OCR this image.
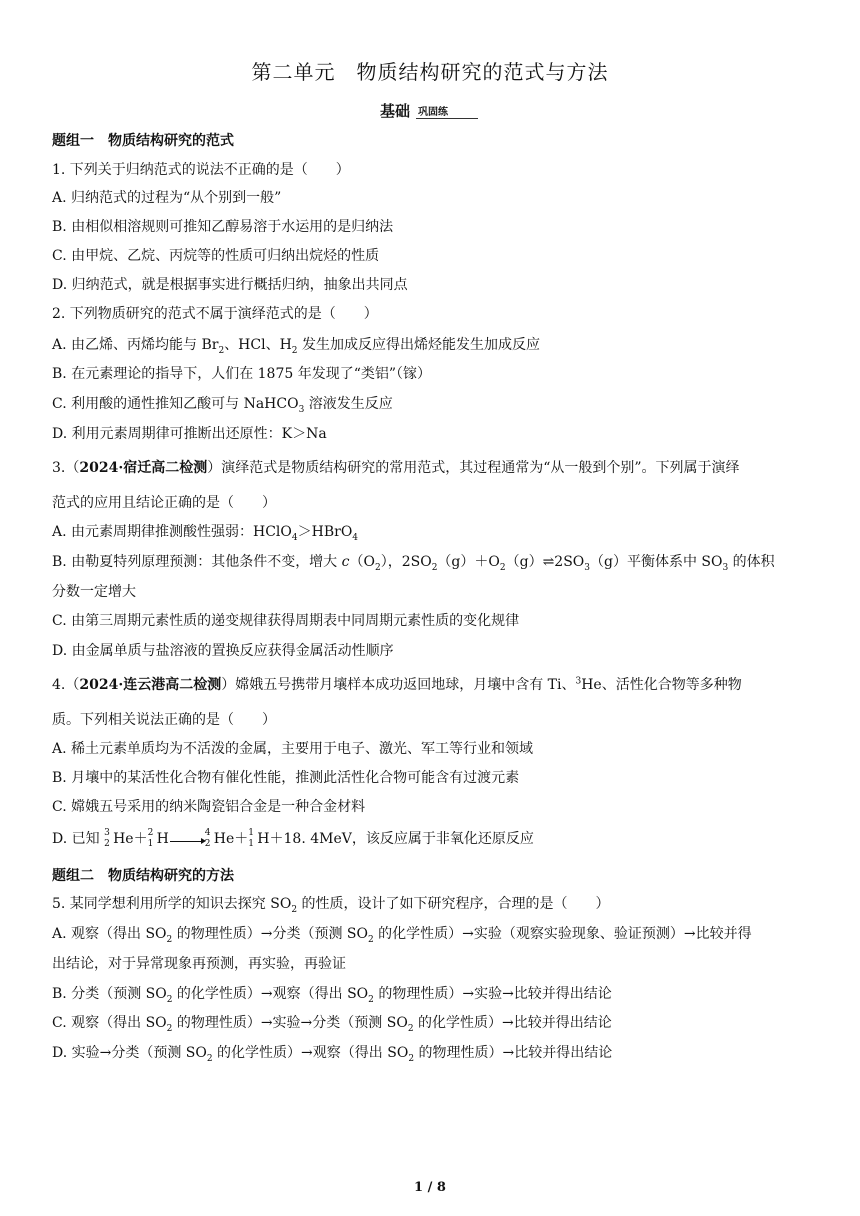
第二单元　物质结构研究的范式与方法
基础 巩固练
题组一　物质结构研究的范式
1. 下列关于归纳范式的说法不正确的是（　　）
A. 归纳范式的过程为“从个别到一般”
B. 由相似相溶规则可推知乙醇易溶于水运用的是归纳法
C. 由甲烷、乙烷、丙烷等的性质可归纳出烷烃的性质
D. 归纳范式，就是根据事实进行概括归纳，抽象出共同点
2. 下列物质研究的范式不属于演绎范式的是（　　）
A. 由乙烯、丙烯均能与 $Br_2$、HCl、$H_2$ 发生加成反应得出烯烃能发生加成反应
B. 在元素理论的指导下，人们在 1875 年发现了“类铝”（镓）
C. 利用酸的通性推知乙酸可与 NaHCO$_3$ 溶液发生反应
D. 利用元素周期律可推断出还原性：K＞Na
3.（2024·宿迁高二检测）演绎范式是物质结构研究的常用范式，其过程通常为“从一般到个别”。下列属于演绎
范式的应用且结论正确的是（　　）
A. 由元素周期律推测酸性强弱：HClO$_4$＞HBrO$_4$
B. 由勒夏特列原理预测：其他条件不变，增大 $c(O_2)$，$2SO_2(g)+O_2(g)\rightleftharpoons 2SO_3(g)$平衡体系中 $SO_3$ 的体积
分数一定增大
C. 由第三周期元素性质的递变规律获得周期表中同周期元素性质的变化规律
D. 由金属单质与盐溶液的置换反应获得金属活动性顺序
4.（2024·连云港高二检测）嫦娥五号携带月壤样本成功返回地球，月壤中含有 Ti、$^3$He、活性化合物等多种物
质。下列相关说法正确的是（　　）
A. 稀土元素单质均为不活泼的金属，主要用于电子、激光、军工等行业和领域
B. 月壤中的某活性化合物有催化性能，推测此活性化合物可能含有过渡元素
C. 嫦娥五号采用的纳米陶瓷铝合金是一种合金材料
D. 已知 3
2 He＋ 2
1 H	4
2 He＋ 1
1 H＋18. 4MeV，该反应属于非氧化还原反应
题组二　物质结构研究的方法
5. 某同学想利用所学的知识去探究 $SO_2$ 的性质，设计了如下研究程序，合理的是（　　）
A. 观察（得出 $SO_2$ 的物理性质）→分类（预测 $SO_2$ 的化学性质）→实验（观察实验现象、验证预测）→比较并得
出结论，对于异常现象再预测，再实验，再验证
B. 分类（预测 $SO_2$ 的化学性质）→观察（得出 $SO_2$ 的物理性质）→实验→比较并得出结论
C. 观察（得出 $SO_2$ 的物理性质）→实验→分类（预测 $SO_2$ 的化学性质）→比较并得出结论
D. 实验→分类（预测 $SO_2$ 的化学性质）→观察（得出 $SO_2$ 的物理性质）→比较并得出结论
1 / 8
